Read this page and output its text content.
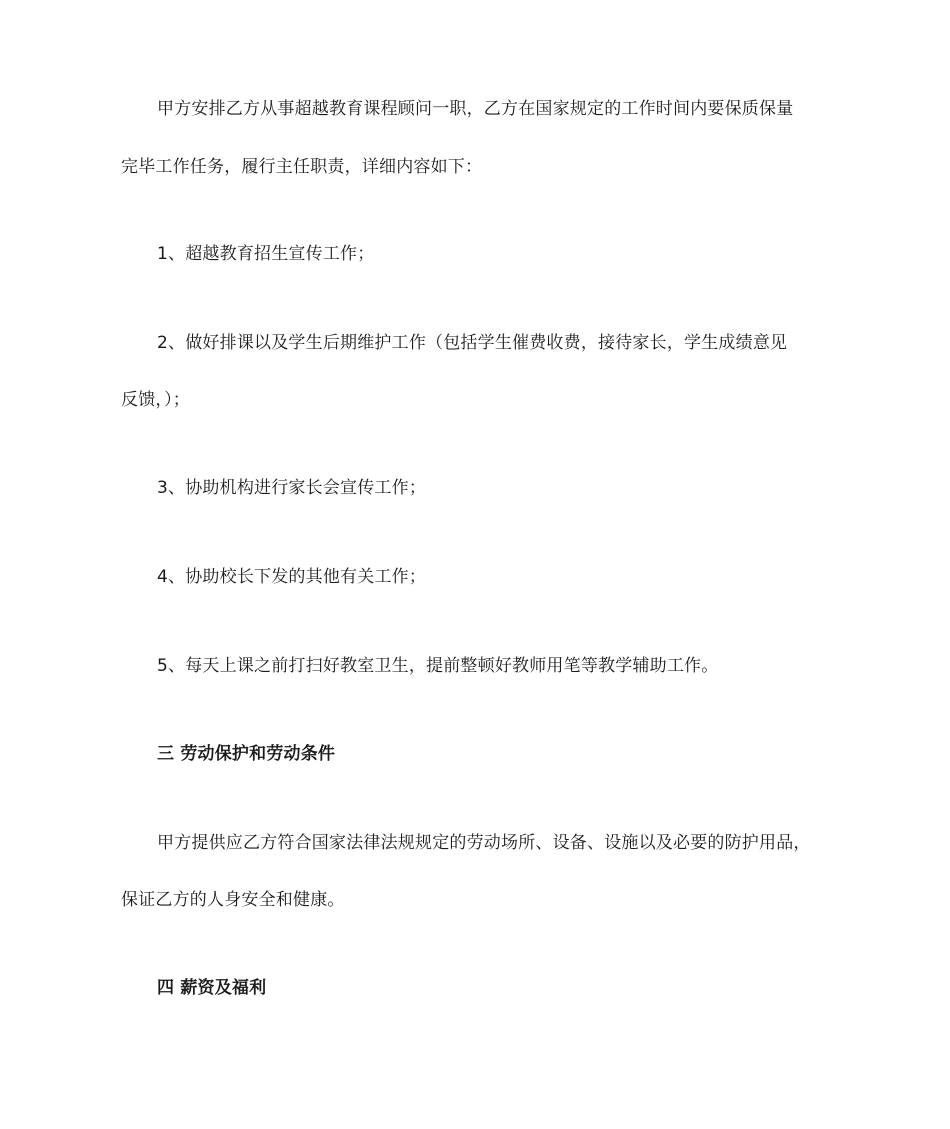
甲方安排乙方从事超越教育课程顾问一职，乙方在国家规定的工作时间内要保质保量
完毕工作任务，履行主任职责，详细内容如下：
1、超越教育招生宣传工作；
2、做好排课以及学生后期维护工作（包括学生催费收费，接待家长，学生成绩意见
反馈，）；
3、协助机构进行家长会宣传工作；
4、协助校长下发的其他有关工作；
5、每天上课之前打扫好教室卫生，提前整顿好教师用笔等教学辅助工作。
三 劳动保护和劳动条件
甲方提供应乙方符合国家法律法规规定的劳动场所、设备、设施以及必要的防护用品，
保证乙方的人身安全和健康。
四 薪资及福利
